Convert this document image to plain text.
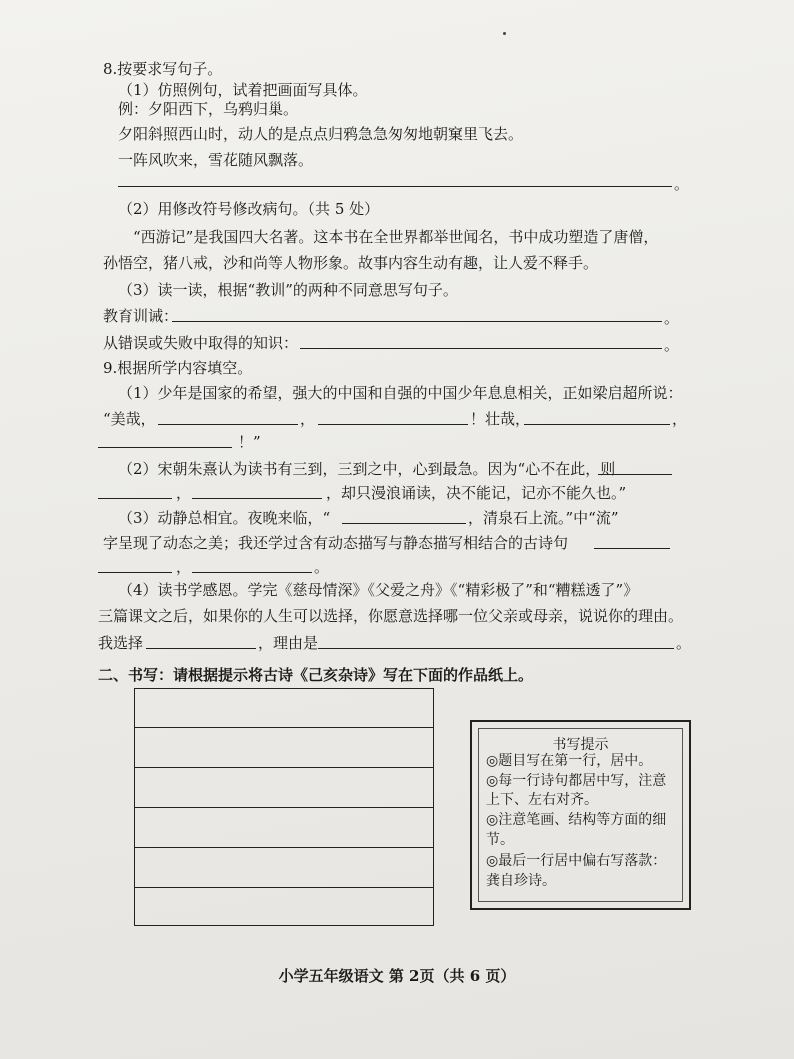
8.按要求写句子。
（1）仿照例句，试着把画面写具体。
例：夕阳西下，乌鸦归巢。
夕阳斜照西山时，动人的是点点归鸦急急匆匆地朝窠里飞去。
一阵风吹来，雪花随风飘落。
。
（2）用修改符号修改病句。（共 5 处）
“西游记”是我国四大名著。这本书在全世界都举世闻名，书中成功塑造了唐僧，
孙悟空，猪八戒，沙和尚等人物形象。故事内容生动有趣，让人爱不释手。
（3）读一读，根据“教训”的两种不同意思写句子。
教育训诫：	。
从错误或失败中取得的知识：	。
9.根据所学内容填空。
（1）少年是国家的希望，强大的中国和自强的中国少年息息相关，正如梁启超所说：
“美哉，	，	！壮哉，	，
！”
（2）宋朝朱熹认为读书有三到，三到之中，心到最急。因为“心不在此，则
，	，却只漫浪诵读，决不能记，记亦不能久也。”
（3）动静总相宜。夜晚来临，“	，清泉石上流。”中“流”
字呈现了动态之美；我还学过含有动态描写与静态描写相结合的古诗句
，	。
（4）读书学感恩。学完《慈母情深》《父爱之舟》《“精彩极了”和“糟糕透了”》
三篇课文之后，如果你的人生可以选择，你愿意选择哪一位父亲或母亲，说说你的理由。
我选择	，理由是	。
二、书写：请根据提示将古诗《己亥杂诗》写在下面的作品纸上。
书写提示
◎题目写在第一行，居中。
◎每一行诗句都居中写，注意
上下、左右对齐。
◎注意笔画、结构等方面的细
节。
◎最后一行居中偏右写落款：
龚自珍诗。
小学五年级语文 第 2页（共 6 页）
